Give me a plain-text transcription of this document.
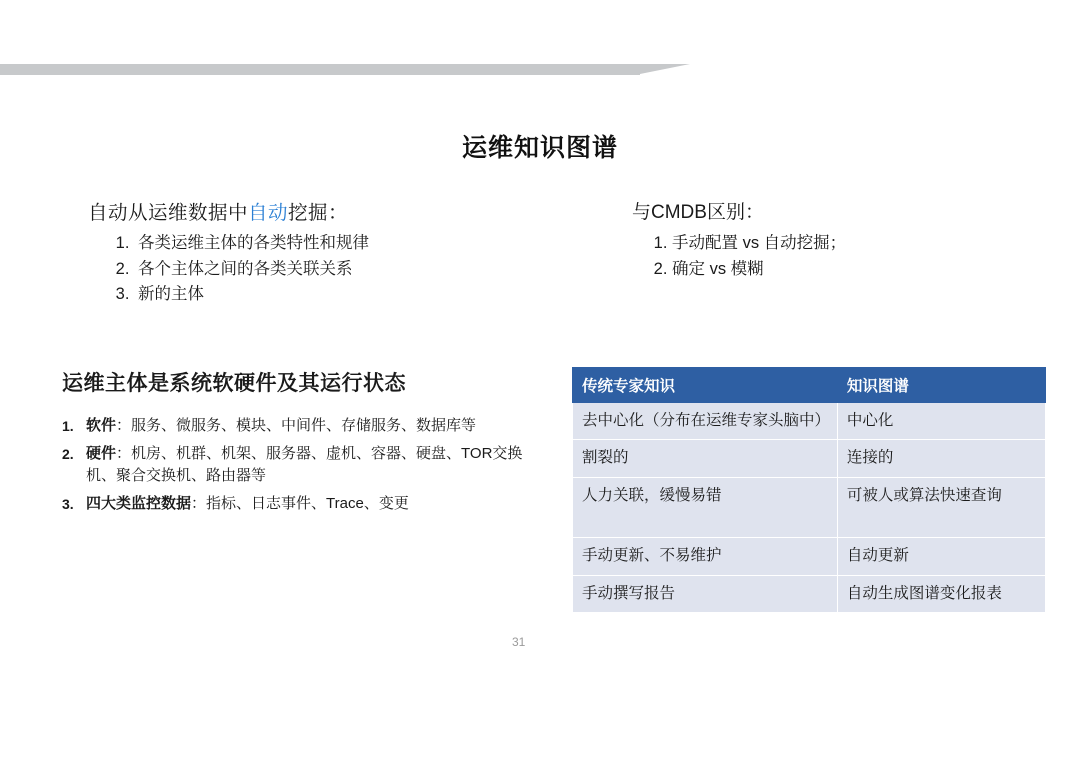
运维知识图谱
自动从运维数据中自动挖掘：
1. 各类运维主体的各类特性和规律
2. 各个主体之间的各类关联关系
3. 新的主体
与CMDB区别：
1. 手动配置 vs 自动挖掘；
2. 确定 vs 模糊
运维主体是系统软硬件及其运行状态
1. 软件：服务、微服务、模块、中间件、存储服务、数据库等
2. 硬件：机房、机群、机架、服务器、虚机、容器、硬盘、TOR交换机、聚合交换机、路由器等
3. 四大类监控数据：指标、日志事件、Trace、变更
传统专家知识	知识图谱
去中心化（分布在运维专家头脑中）	中心化
割裂的	连接的
人力关联，缓慢易错	可被人或算法快速查询
手动更新、不易维护	自动更新
手动撰写报告	自动生成图谱变化报表
31
